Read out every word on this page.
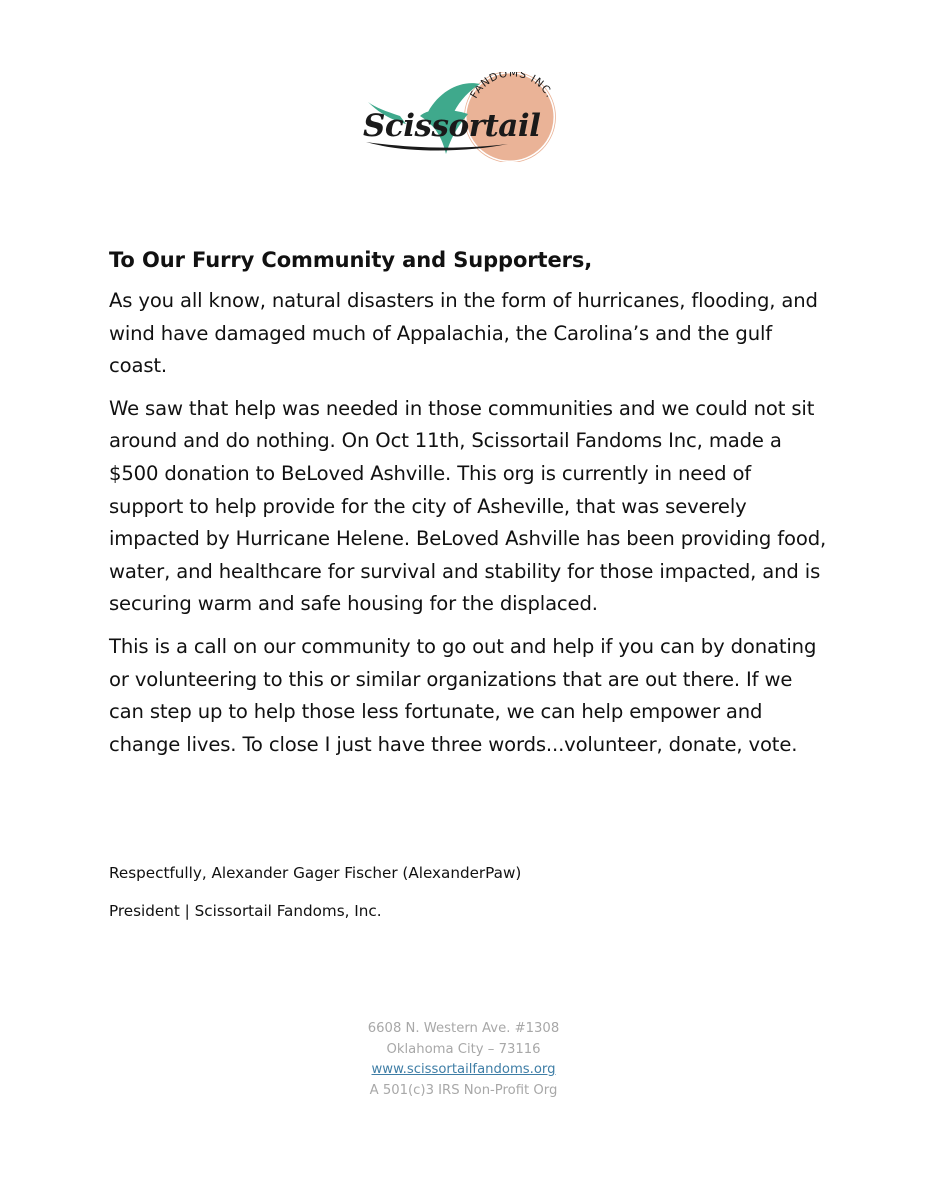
FANDOMS INC.
Scissortail
To Our Furry Community and Supporters,

As you all know, natural disasters in the form of hurricanes, flooding, and wind have damaged much of Appalachia, the Carolina’s and the gulf coast.

We saw that help was needed in those communities and we could not sit around and do nothing. On Oct 11th, Scissortail Fandoms Inc, made a $500 donation to BeLoved Ashville. This org is currently in need of support to help provide for the city of Asheville, that was severely impacted by Hurricane Helene. BeLoved Ashville has been providing food, water, and healthcare for survival and stability for those impacted, and is securing warm and safe housing for the displaced.

This is a call on our community to go out and help if you can by donating or volunteering to this or similar organizations that are out there. If we can step up to help those less fortunate, we can help empower and change lives. To close I just have three words...volunteer, donate, vote.

Respectfully, Alexander Gager Fischer (AlexanderPaw)
President | Scissortail Fandoms, Inc.
6608 N. Western Ave. #1308
Oklahoma City – 73116
www.scissortailfandoms.org
A 501(c)3 IRS Non-Profit Org
